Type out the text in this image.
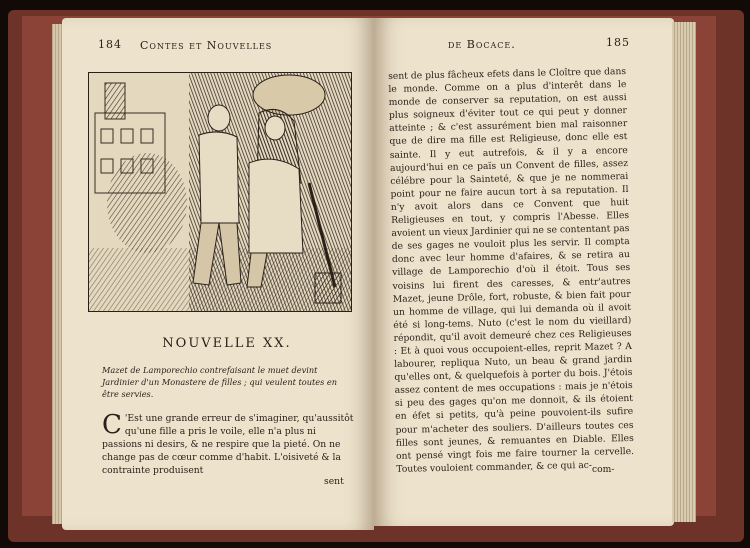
184 Contes et Nouvelles
NOUVELLE XX.
Mazet de Lamporechio contrefaisant le muet devint Jardinier d'un Monastere de filles ; qui veulent toutes en être servies.
C 'Est une grande erreur de s'imaginer, qu'aussitôt qu'une fille a pris le voile, elle n'a plus ni passions ni desirs, & ne respire que la pieté. On ne change pas de cœur comme d'habit. L'oisiveté & la contrainte produisent
sent
de Bocace.	185

sent de plus fâcheux efets dans le Cloître que dans le monde. Comme on a plus d'interêt dans le monde de conserver sa reputation, on est aussi plus soigneux d'éviter tout ce qui peut y donner atteinte ; & c'est assurément bien mal raisonner que de dire ma fille est Religieuse, donc elle est sainte. Il y eut autrefois, & il y a encore aujourd'hui en ce païs un Convent de filles, assez célébre pour la Sainteté, & que je ne nommerai point pour ne faire aucun tort à sa reputation. Il n'y avoit alors dans ce Convent que huit Religieuses en tout, y compris l'Abesse. Elles avoient un vieux Jardinier qui ne se contentant pas de ses gages ne vouloit plus les servir. Il compta donc avec leur homme d'afaires, & se retira au village de Lamporechio d'où il étoit. Tous ses voisins lui firent des caresses, & entr'autres Mazet, jeune Drôle, fort, robuste, & bien fait pour un homme de village, qui lui demanda où il avoit été si long-tems. Nuto (c'est le nom du vieillard) répondit, qu'il avoit demeuré chez ces Religieuses : Et à quoi vous occupoient-elles, reprit Mazet ? A labourer, repliqua Nuto, un beau & grand jardin qu'elles ont, & quelquefois à porter du bois. J'étois assez content de mes occupations : mais je n'étois si peu des gages qu'on me donnoit, & ils étoient en éfet si petits, qu'à peine pouvoient-ils sufire pour m'acheter des souliers. D'ailleurs toutes ces filles sont jeunes, & remuantes en Diable. Elles ont pensé vingt fois me faire tourner la cervelle. Toutes vouloient commander, & ce qui ac- com-
